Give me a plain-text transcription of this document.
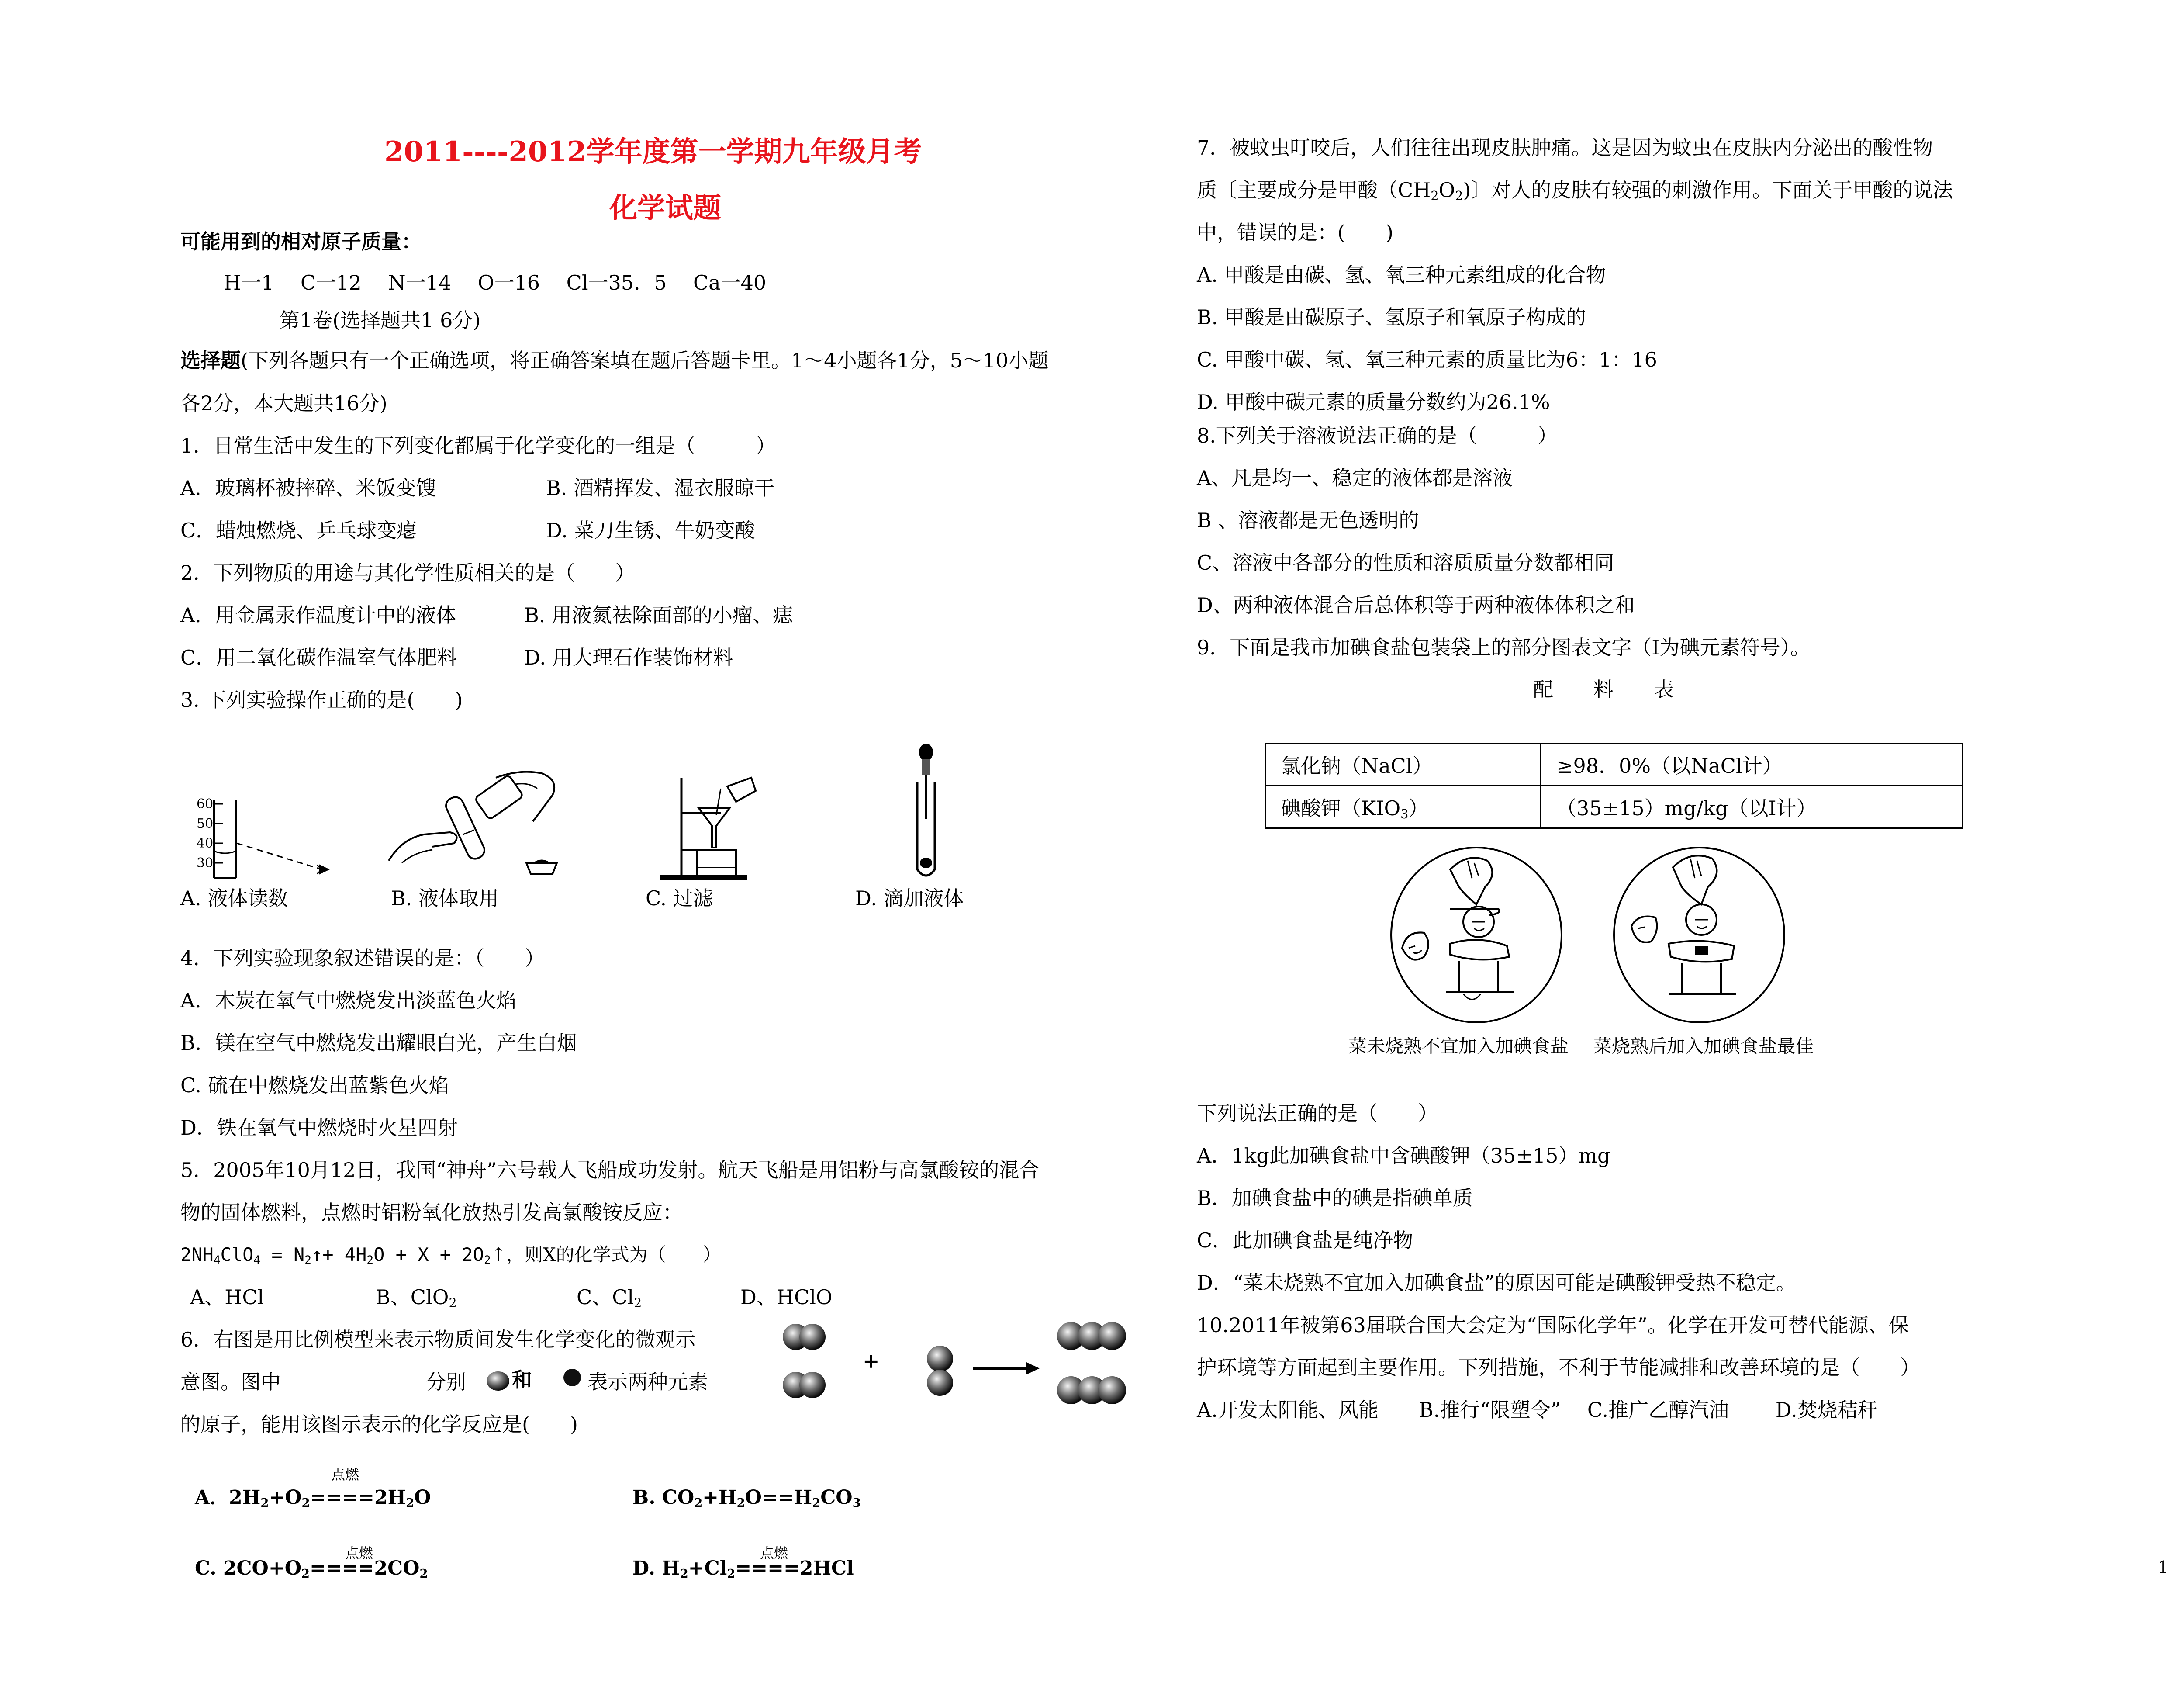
2011----2012学年度第一学期九年级月考
化学试题
可能用到的相对原子质量：
H一1　 C一12　 N一14　 O一16　 Cl一35．5　 Ca一40
第1卷(选择题共1 6分)
选择题(下列各题只有一个正确选项，将正确答案填在题后答题卡里。1～4小题各1分，5～10小题
各2分，本大题共16分)
1．日常生活中发生的下列变化都属于化学变化的一组是（　　　）
A．玻璃杯被摔碎、米饭变馊	B. 酒精挥发、湿衣服晾干
C．蜡烛燃烧、乒乓球变瘪	D. 菜刀生锈、牛奶变酸
2．下列物质的用途与其化学性质相关的是（　　）
A．用金属汞作温度计中的液体	B. 用液氮祛除面部的小瘤、痣
C．用二氧化碳作温室气体肥料	D. 用大理石作装饰材料
3. 下列实验操作正确的是(　　)
60
50
40
30
A. 液体读数	B. 液体取用	C. 过滤	D. 滴加液体
4．下列实验现象叙述错误的是：（　　）
A．木炭在氧气中燃烧发出淡蓝色火焰
B．镁在空气中燃烧发出耀眼白光，产生白烟
C. 硫在中燃烧发出蓝紫色火焰
D．铁在氧气中燃烧时火星四射
5．2005年10月12日，我国“神舟”六号载人飞船成功发射。航天飞船是用铝粉与高氯酸铵的混合
物的固体燃料，点燃时铝粉氧化放热引发高氯酸铵反应：
$2NH_4ClO_4$ = $N_2↑+ 4H_2O + X$ + $2O_2↑$，则X的化学式为（　　）
A、HCl	B、ClO$_2$	C、$Cl_2$	D、HClO
6．右图是用比例模型来表示物质间发生化学变化的微观示
意图。图中	分别 和	表示两种元素
的原子，能用该图示表示的化学反应是(　　)
+
点燃
A．$2H_2+O_2====2H_2O$	B. $CO_2+H_2O==H_2CO_3$
点燃
C. $2CO+O_2====2CO_2$
点燃
D. $H_2+Cl_2====2HCl$
7．被蚊虫叮咬后，人们往往出现皮肤肿痛。这是因为蚊虫在皮肤内分泌出的酸性物
质〔主要成分是甲酸$(CH_2O_2)$〕对人的皮肤有较强的刺激作用。下面关于甲酸的说法
中，错误的是：(　　)
A. 甲酸是由碳、氢、氧三种元素组成的化合物
B. 甲酸是由碳原子、氢原子和氧原子构成的
C. 甲酸中碳、氢、氧三种元素的质量比为6：1：16
D. 甲酸中碳元素的质量分数约为26.1%
8.下列关于溶液说法正确的是（　　　）
A、凡是均一、稳定的液体都是溶液
B 、溶液都是无色透明的
C、溶液中各部分的性质和溶质质量分数都相同
D、两种液体混合后总体积等于两种液体体积之和
9．下面是我市加碘食盐包装袋上的部分图表文字（I为碘元素符号）。
配　　料　　表
氯化钠（NaCl）	≥98．0%（以NaCl计）
碘酸钾$(KIO_3)$	（35±15）mg/kg（以I计）
菜未烧熟不宜加入加碘食盐 菜烧熟后加入加碘食盐最佳
下列说法正确的是（　　）
A．1kg此加碘食盐中含碘酸钾（35±15）mg
B．加碘食盐中的碘是指碘单质
C．此加碘食盐是纯净物
D．“菜未烧熟不宜加入加碘食盐”的原因可能是碘酸钾受热不稳定。
10.2011年被第63届联合国大会定为“国际化学年”。化学在开发可替代能源、保
护环境等方面起到主要作用。下列措施，不利于节能减排和改善环境的是（　　）
A.开发太阳能、风能　　B.推行“限塑令”　 C.推广乙醇汽油　　 D.焚烧秸秆
1
